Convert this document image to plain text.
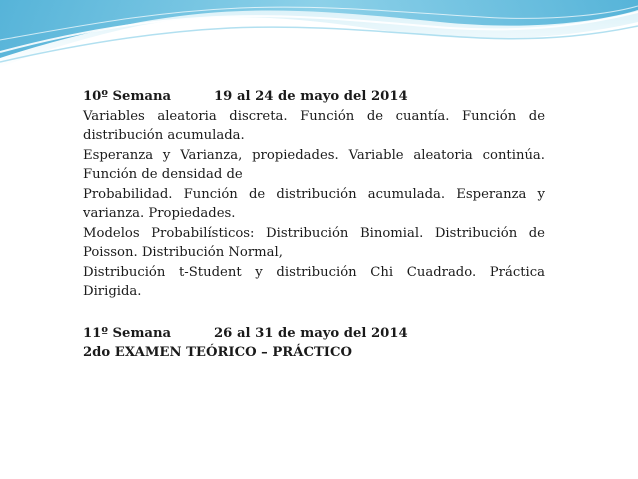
10º Semana	19 al 24 de mayo del 2014

Variables aleatoria discreta. Función de cuantía. Función de distribución acumulada.

Esperanza y Varianza, propiedades. Variable aleatoria continúa. Función de densidad de

Probabilidad. Función de distribución acumulada. Esperanza y varianza. Propiedades.

Modelos Probabilísticos: Distribución Binomial. Distribución de Poisson. Distribución Normal,

Distribución t-Student y distribución Chi Cuadrado. Práctica Dirigida.

11º Semana	26 al 31 de mayo del 2014

2do EXAMEN TEÓRICO – PRÁCTICO
